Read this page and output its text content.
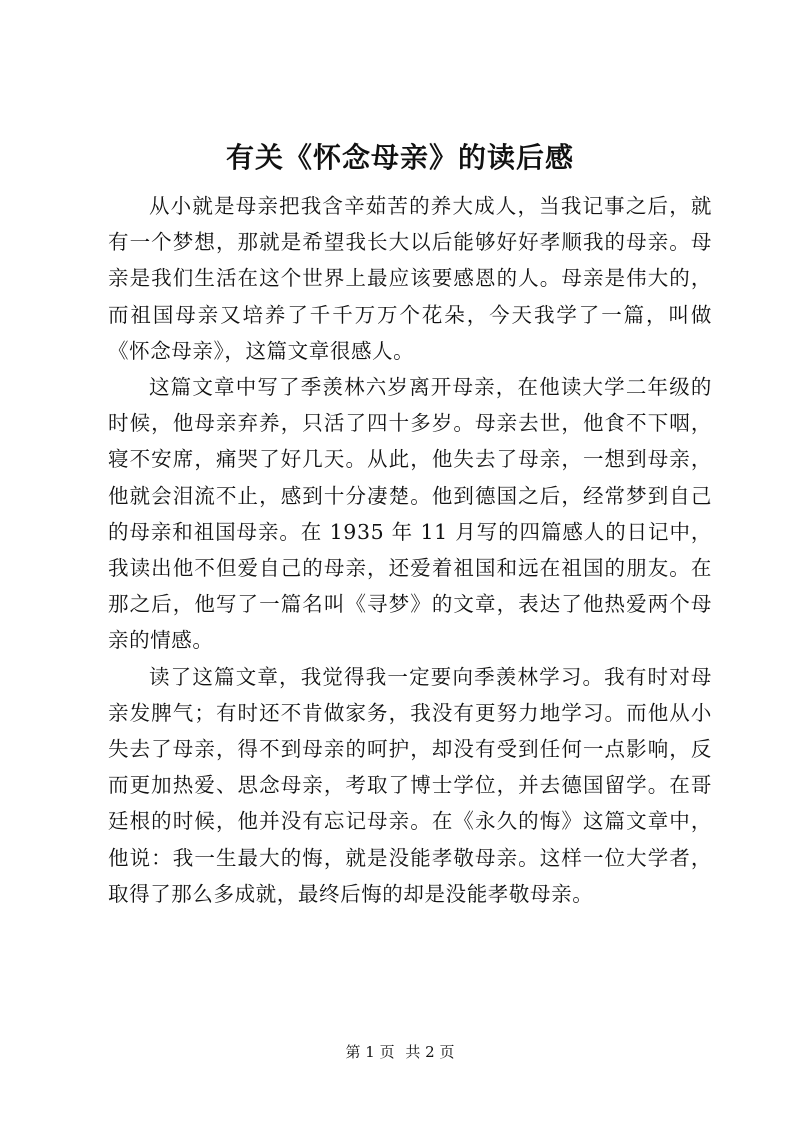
有关《怀念母亲》的读后感

从小就是母亲把我含辛茹苦的养大成人，当我记事之后，就有一个梦想，那就是希望我长大以后能够好好孝顺我的母亲。母亲是我们生活在这个世界上最应该要感恩的人。母亲是伟大的，而祖国母亲又培养了千千万万个花朵，今天我学了一篇，叫做《怀念母亲》，这篇文章很感人。

这篇文章中写了季羡林六岁离开母亲，在他读大学二年级的时候，他母亲弃养，只活了四十多岁。母亲去世，他食不下咽，寝不安席，痛哭了好几天。从此，他失去了母亲，一想到母亲，他就会泪流不止，感到十分凄楚。他到德国之后，经常梦到自己的母亲和祖国母亲。在 1935 年 11 月写的四篇感人的日记中，我读出他不但爱自己的母亲，还爱着祖国和远在祖国的朋友。在那之后，他写了一篇名叫《寻梦》的文章，表达了他热爱两个母亲的情感。

读了这篇文章，我觉得我一定要向季羡林学习。我有时对母亲发脾气；有时还不肯做家务，我没有更努力地学习。而他从小失去了母亲，得不到母亲的呵护，却没有受到任何一点影响，反而更加热爱、思念母亲，考取了博士学位，并去德国留学。在哥廷根的时候，他并没有忘记母亲。在《永久的悔》这篇文章中，他说：我一生最大的悔，就是没能孝敬母亲。这样一位大学者，取得了那么多成就，最终后悔的却是没能孝敬母亲。

第 1 页 共 2 页
